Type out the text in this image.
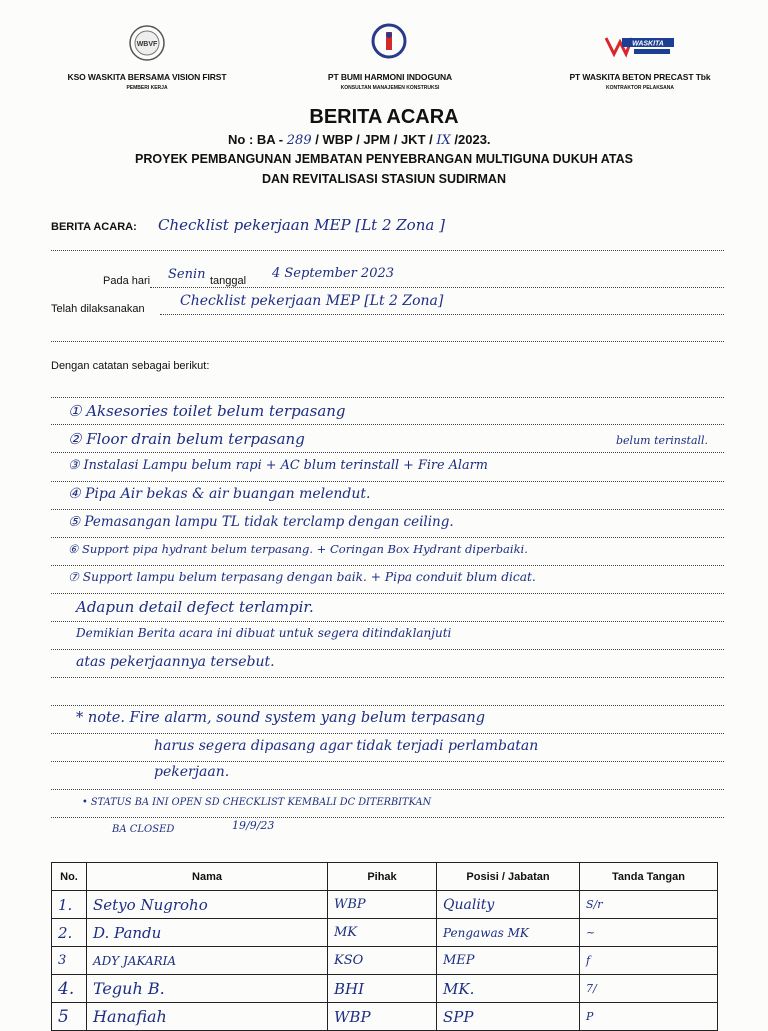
WBVF	WASKITA
KSO WASKITA BERSAMA VISION FIRST
PEMBERI KERJA
PT BUMI HARMONI INDOGUNA
KONSULTAN MANAJEMEN KONSTRUKSI
PT WASKITA BETON PRECAST Tbk
KONTRAKTOR PELAKSANA
BERITA ACARA
No : BA - 289 / WBP / JPM / JKT / IX /2023.
PROYEK PEMBANGUNAN JEMBATAN PENYEBRANGAN MULTIGUNA DUKUH ATAS
DAN REVITALISASI STASIUN SUDIRMAN
BERITA ACARA: Checklist pekerjaan MEP [Lt 2 Zona ]
Pada hari Senin tanggal 4 September 2023
Telah dilaksanakan	Checklist pekerjaan MEP [Lt 2 Zona]
Dengan catatan sebagai berikut:
① Aksesories toilet belum terpasang
② Floor drain belum terpasang	belum terinstall.
③ Instalasi Lampu belum rapi + AC blum terinstall + Fire Alarm
④ Pipa Air bekas & air buangan melendut.
⑤ Pemasangan lampu TL tidak terclamp dengan ceiling.
⑥ Support pipa hydrant belum terpasang. + Coringan Box Hydrant diperbaiki.
⑦ Support lampu belum terpasang dengan baik. + Pipa conduit blum dicat.
Adapun detail defect terlampir.
Demikian Berita acara ini dibuat untuk segera ditindaklanjuti
atas pekerjaannya tersebut.
* note. Fire alarm, sound system yang belum terpasang
harus segera dipasang agar tidak terjadi perlambatan
pekerjaan.
• STATUS BA INI OPEN SD CHECKLIST KEMBALI DC DITERBITKAN
BA CLOSED	19/9/23
No.	Nama	Pihak	Posisi / Jabatan	Tanda Tangan
1.	Setyo Nugroho	WBP	Quality	S/r
2.	D. Pandu	MK	Pengawas MK	~
3	ADY JAKARIA	KSO	MEP	f
4.	Teguh B.	BHI	MK.	7/
5	Hanafiah	WBP	SPP	P
